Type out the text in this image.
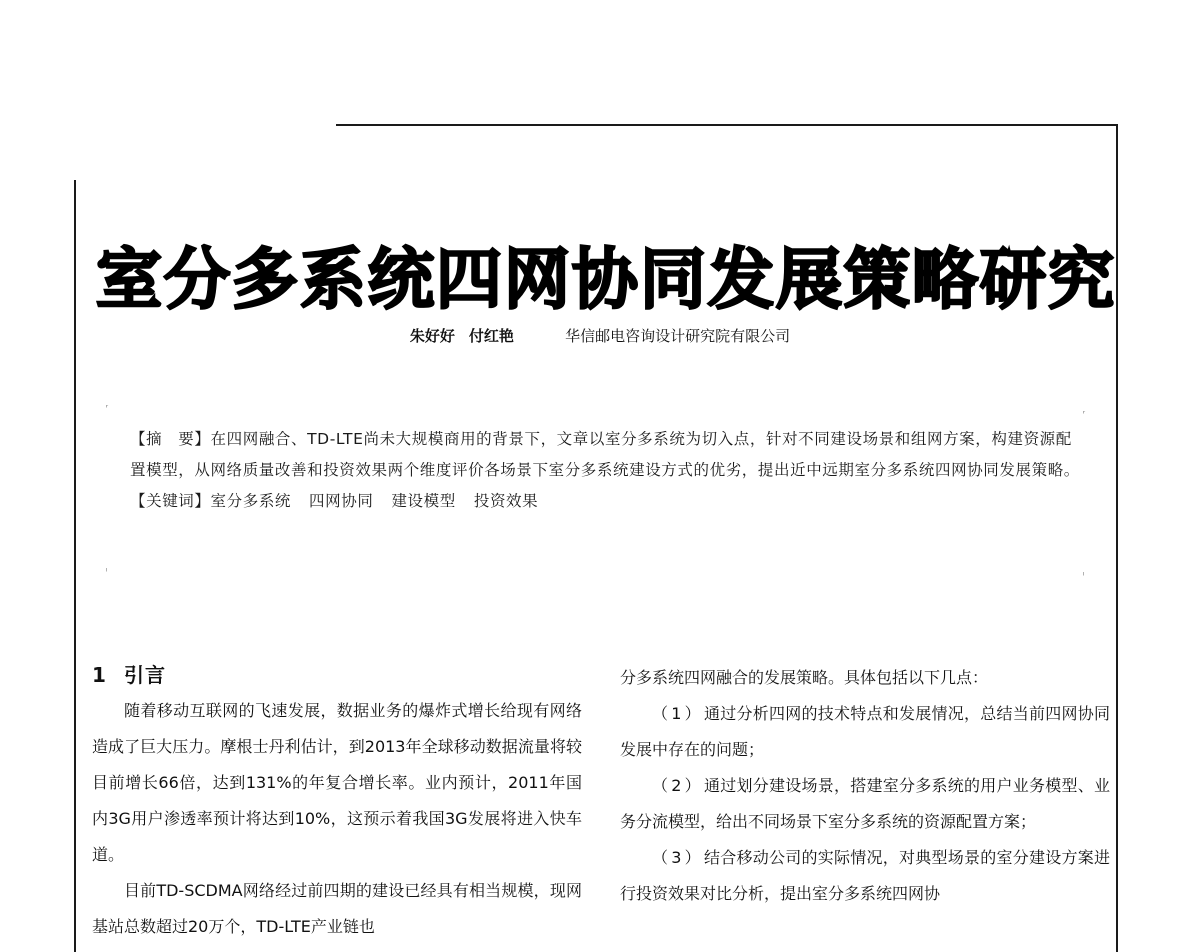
室分多系统四网协同发展策略研究
朱好好 付红艳	华信邮电咨询设计研究院有限公司
ʳ
ʳ
ˡ	ˡ

【摘　要】在四网融合、TD-LTE尚未大规模商用的背景下，文章以室分多系统为切入点，针对不同建设场景和组网方案，构建资源配置模型，从网络质量改善和投资效果两个维度评价各场景下室分多系统建设方式的优劣，提出近中远期室分多系统四网协同发展策略。

【关键词】室分多系统 四网协同 建设模型 投资效果

1 引言

随着移动互联网的飞速发展，数据业务的爆炸式增长给现有网络造成了巨大压力。摩根士丹利估计，到2013年全球移动数据流量将较目前增长66倍，达到131%的年复合增长率。业内预计，2011年国内3G用户渗透率预计将达到10%，这预示着我国3G发展将进入快车道。

目前TD-SCDMA网络经过前四期的建设已经具有相当规模，现网基站总数超过20万个，TD-LTE产业链也

分多系统四网融合的发展策略。具体包括以下几点：

（1）通过分析四网的技术特点和发展情况，总结当前四网协同发展中存在的问题；

（2）通过划分建设场景，搭建室分多系统的用户业务模型、业务分流模型，给出不同场景下室分多系统的资源配置方案；

（3）结合移动公司的实际情况，对典型场景的室分建设方案进行投资效果对比分析，提出室分多系统四网协
